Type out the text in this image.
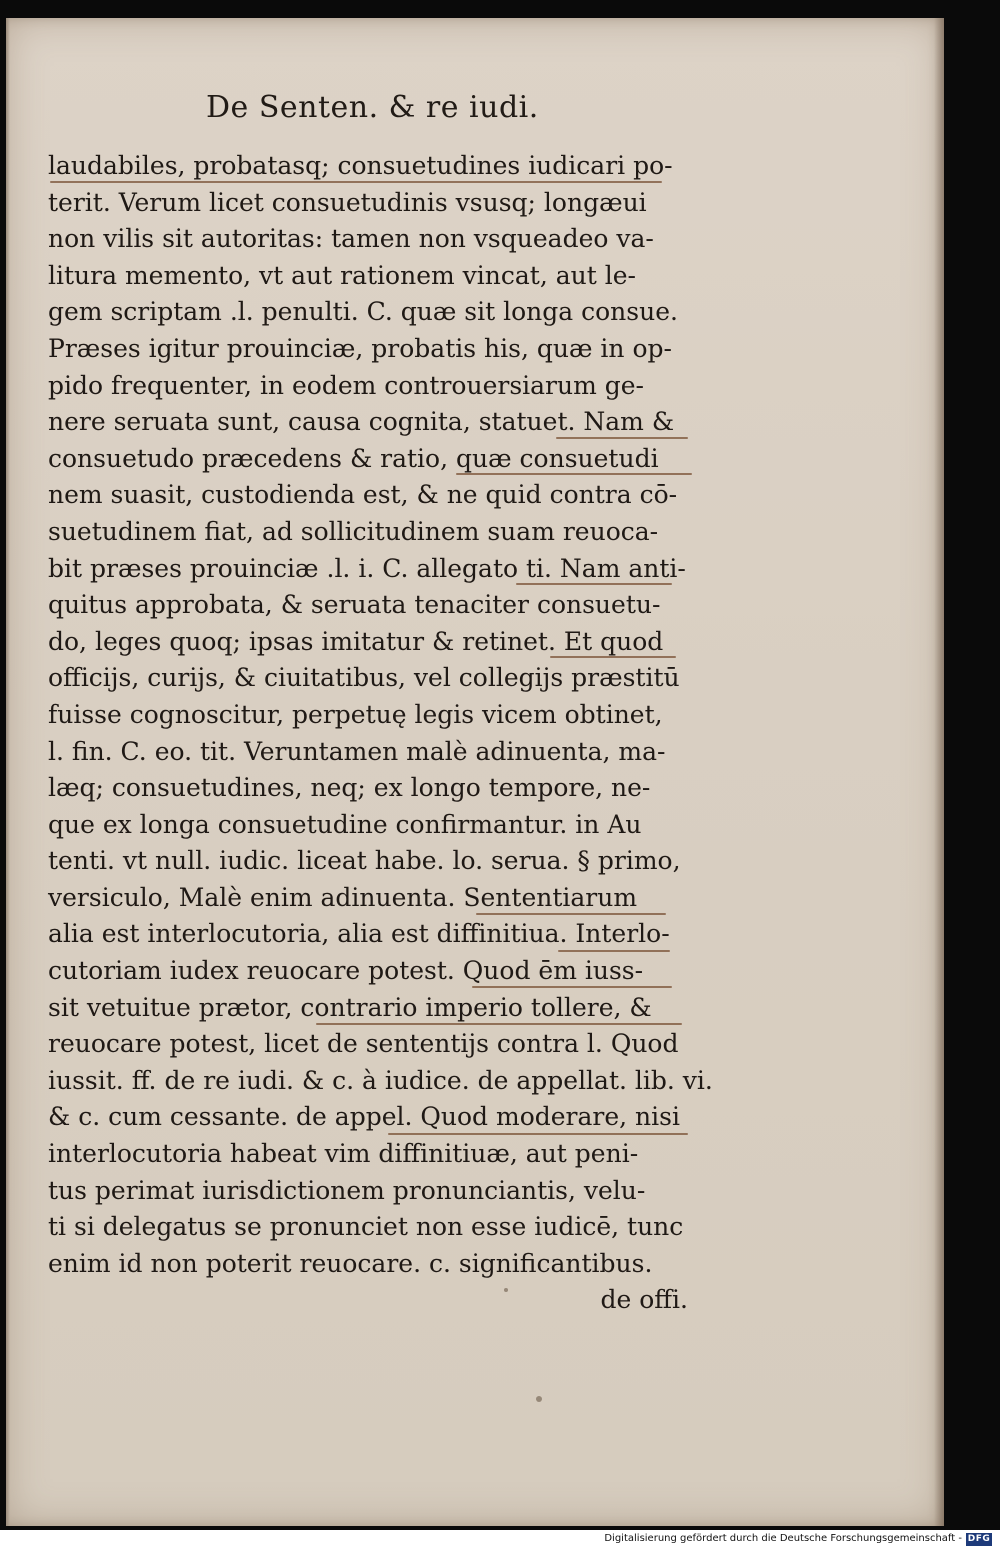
De Senten. & re iudi.
laudabiles, probatasq; consuetudines iudicari po-
terit. Verum licet consuetudinis vsusq; longæui
non vilis sit autoritas: tamen non vsqueadeo va-
litura memento, vt aut rationem vincat, aut le-
gem scriptam .l. penulti. C. quæ sit longa consue.
Præses igitur prouinciæ, probatis his, quæ in op-
pido frequenter, in eodem controuersiarum ge-
nere seruata sunt, causa cognita, statuet. Nam &
consuetudo præcedens & ratio, quæ consuetudi
nem suasit, custodienda est, & ne quid contra cō-
suetudinem fiat, ad sollicitudinem suam reuoca-
bit præses prouinciæ .l. i. C. allegato ti. Nam anti-
quitus approbata, & seruata tenaciter consuetu-
do, leges quoq; ipsas imitatur & retinet. Et quod
officijs, curijs, & ciuitatibus, vel collegijs præstitū
fuisse cognoscitur, perpetuę legis vicem obtinet,
l. fin. C. eo. tit. Veruntamen malè adinuenta, ma-
læq; consuetudines, neq; ex longo tempore, ne-
que ex longa consuetudine confirmantur. in Au
tenti. vt null. iudic. liceat habe. lo. serua. § primo,
versiculo, Malè enim adinuenta. Sententiarum
alia est interlocutoria, alia est diffinitiua. Interlo-
cutoriam iudex reuocare potest. Quod ēm iuss-
sit vetuitue prætor, contrario imperio tollere, &
reuocare potest, licet de sententijs contra l. Quod
iussit. ff. de re iudi. & c. à iudice. de appellat. lib. vi.
& c. cum cessante. de appel. Quod moderare, nisi
interlocutoria habeat vim diffinitiuæ, aut peni-
tus perimat iurisdictionem pronunciantis, velu-
ti si delegatus se pronunciet non esse iudicē, tunc
enim id non poterit reuocare. c. significantibus.
de offi.
Digitalisierung gefördert durch die Deutsche Forschungsgemeinschaft - DFG
